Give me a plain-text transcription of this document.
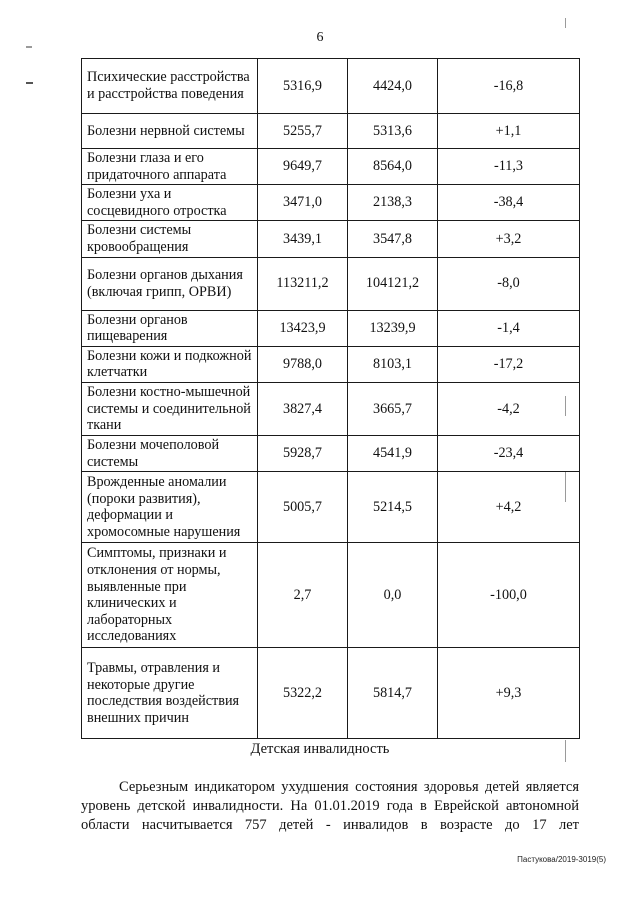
6
Психические расстройства и расстройства поведения	5316,9	4424,0	-16,8
Болезни нервной системы	5255,7	5313,6	+1,1
Болезни глаза и его придаточного аппарата	9649,7	8564,0	-11,3
Болезни уха и сосцевидного отростка	3471,0	2138,3	-38,4
Болезни системы кровообращения	3439,1	3547,8	+3,2
Болезни органов дыхания (включая грипп, ОРВИ)	113211,2	104121,2	-8,0
Болезни органов пищеварения	13423,9	13239,9	-1,4
Болезни кожи и подкожной клетчатки	9788,0	8103,1	-17,2
Болезни костно-мышечной системы и соединительной ткани	3827,4	3665,7	-4,2
Болезни мочеполовой системы	5928,7	4541,9	-23,4
Врожденные аномалии (пороки развития), деформации и хромосомные нарушения	5005,7	5214,5	+4,2
Симптомы, признаки и отклонения от нормы, выявленные при клинических и лабораторных исследованиях	2,7	0,0	-100,0
Травмы, отравления и некоторые другие последствия воздействия внешних причин	5322,2	5814,7	+9,3
Детская инвалидность

Серьезным индикатором ухудшения состояния здоровья детей является уровень детской инвалидности. На 01.01.2019 года в Еврейской автономной области насчитывается 757 детей - инвалидов в возрасте до 17 лет

Пастукова/2019-3019(5)
